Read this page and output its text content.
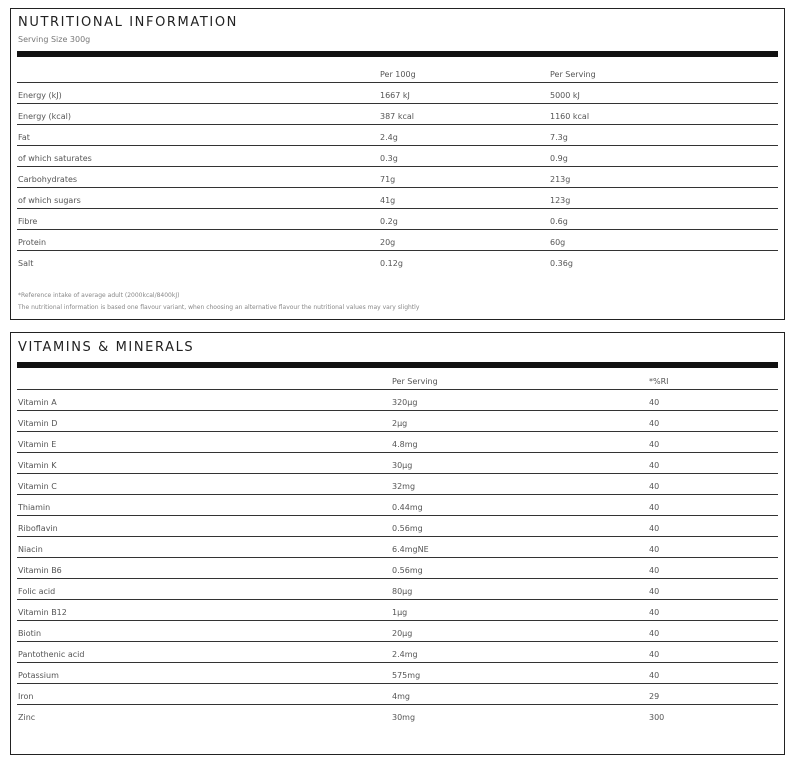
NUTRITIONAL INFORMATION
Serving Size 300g
Per 100g	Per Serving
Energy (kJ)	1667 kJ	5000 kJ
Energy (kcal)	387 kcal	1160 kcal
Fat	2.4g	7.3g
of which saturates	0.3g	0.9g
Carbohydrates	71g	213g
of which sugars	41g	123g
Fibre	0.2g	0.6g
Protein	20g	60g
Salt	0.12g	0.36g
*Reference intake of average adult (2000kcal/8400kJ)
The nutritional information is based one flavour variant, when choosing an alternative flavour the nutritional values may vary slightly
VITAMINS & MINERALS
Per Serving	*%RI
Vitamin A	320µg	40
Vitamin D	2µg	40
Vitamin E	4.8mg	40
Vitamin K	30µg	40
Vitamin C	32mg	40
Thiamin	0.44mg	40
Riboflavin	0.56mg	40
Niacin	6.4mgNE	40
Vitamin B6	0.56mg	40
Folic acid	80µg	40
Vitamin B12	1µg	40
Biotin	20µg	40
Pantothenic acid	2.4mg	40
Potassium	575mg	40
Iron	4mg	29
Zinc	30mg	300
